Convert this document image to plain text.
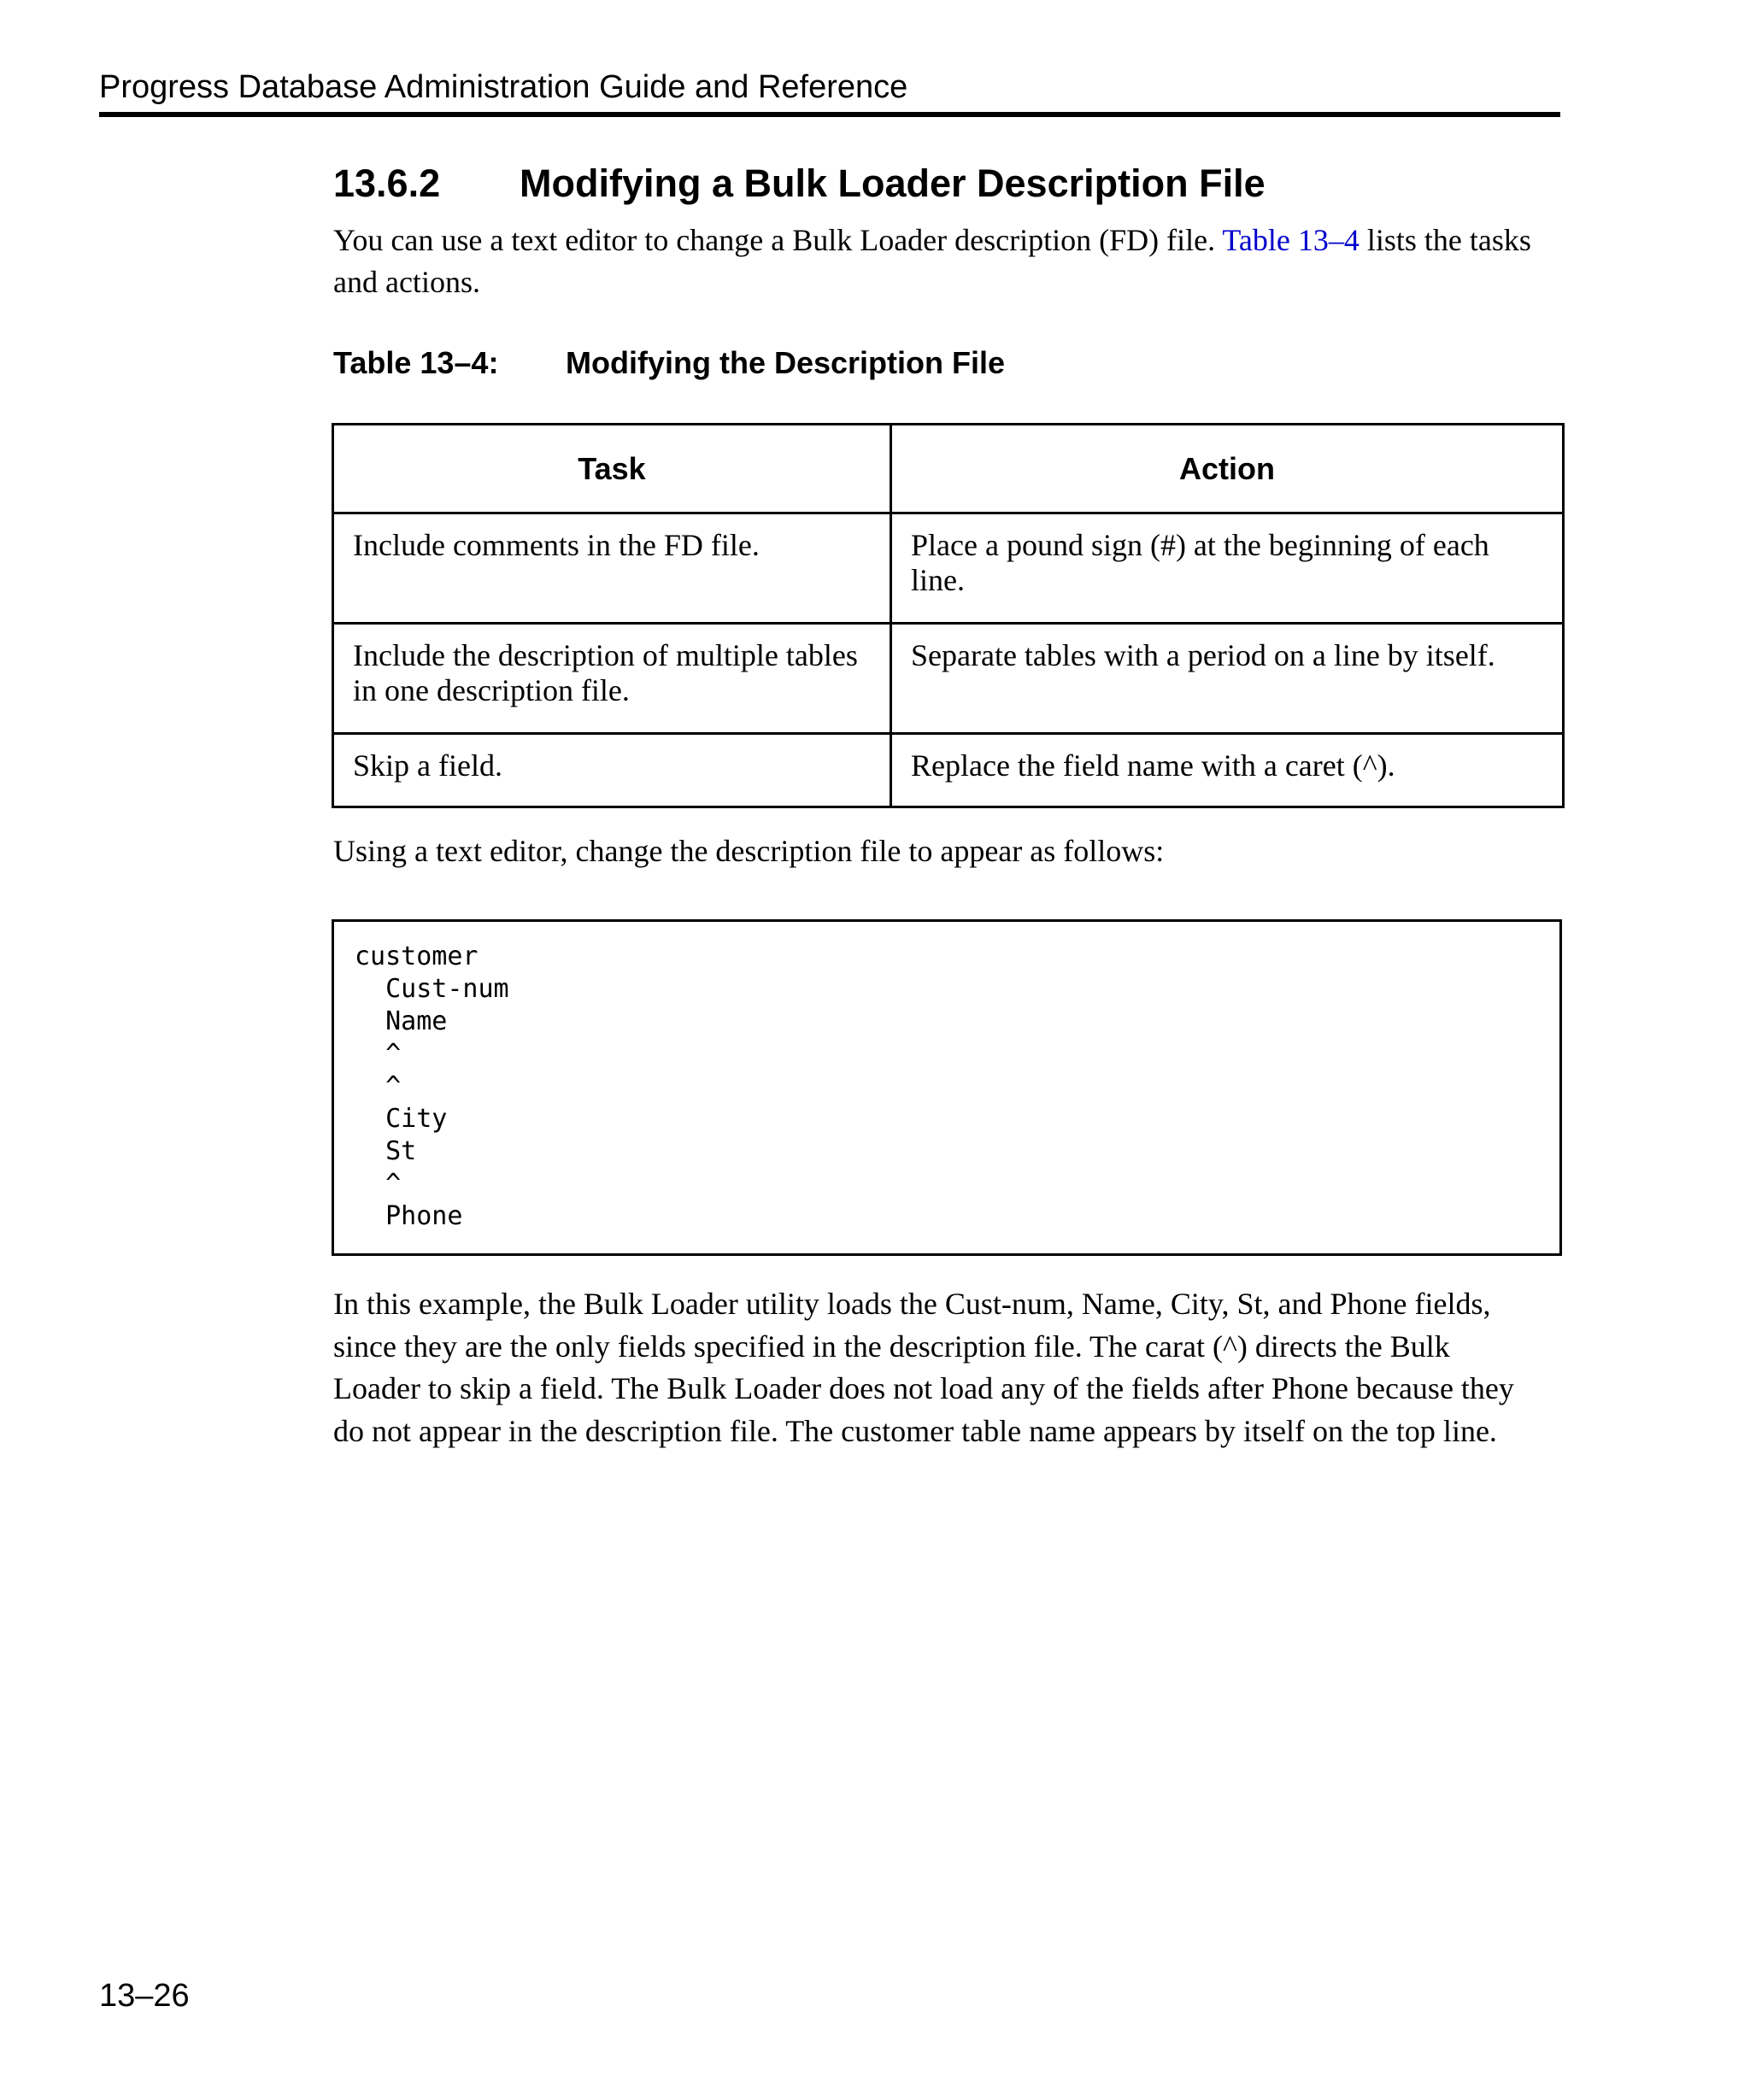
Progress Database Administration Guide and Reference
13.6.2 Modifying a Bulk Loader Description File
You can use a text editor to change a Bulk Loader description (FD) file. Table 13–4 lists the tasks and actions.
Table 13–4: Modifying the Description File
Task	Action
Include comments in the FD file.	Place a pound sign (#) at the beginning of each line.
Include the description of multiple tables in one description file.	Separate tables with a period on a line by itself.
Skip a field.	Replace the field name with a caret (^).
Using a text editor, change the description file to appear as follows:
customer
Cust-num
Name
^
^
City
St
^
Phone
In this example, the Bulk Loader utility loads the Cust-num, Name, City, St, and Phone fields,
since they are the only fields specified in the description file. The carat (^) directs the Bulk
Loader to skip a field. The Bulk Loader does not load any of the fields after Phone because they
do not appear in the description file. The customer table name appears by itself on the top line.
13–26
